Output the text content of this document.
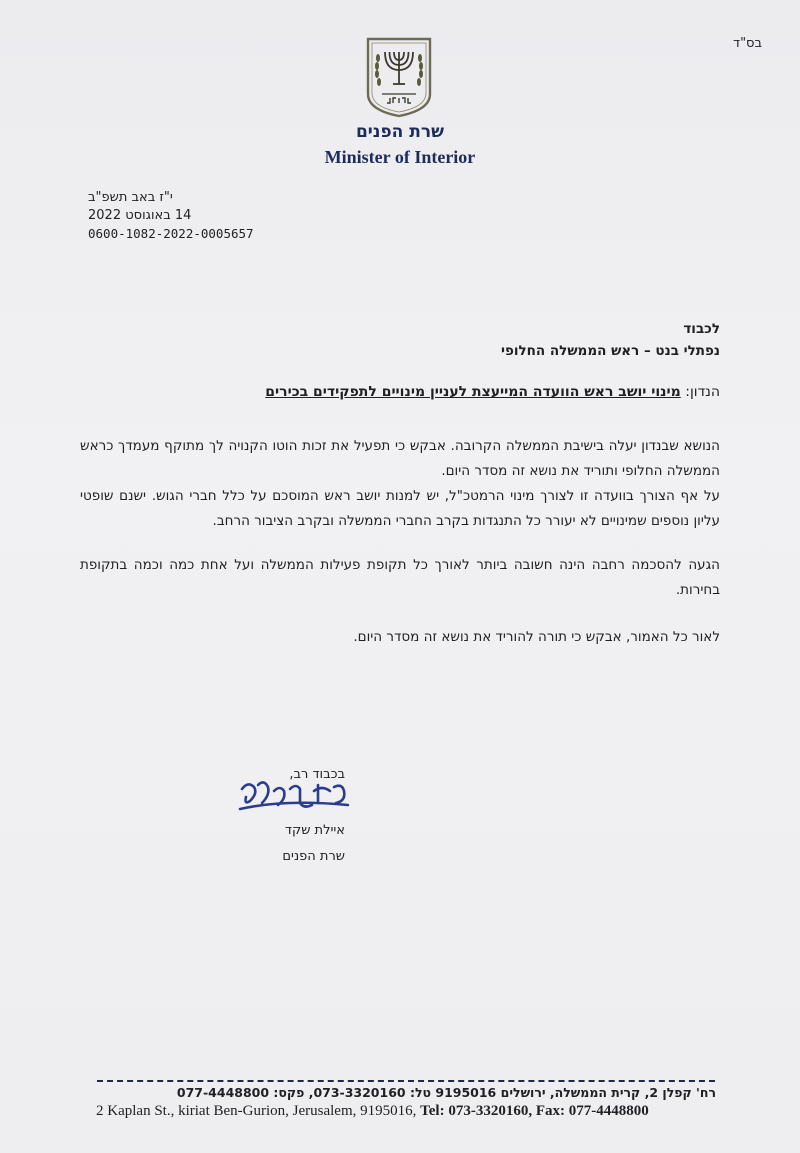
בס"ד
שרת הפנים
Minister of Interior
י"ז באב תשפ"ב
14 באוגוסט 2022
0600-1082-2022-0005657
לכבוד
נפתלי בנט – ראש הממשלה החלופי
הנדון: מינוי יושב ראש הוועדה המייעצת לעניין מינויים לתפקידים בכירים
הנושא שבנדון יעלה בישיבת הממשלה הקרובה. אבקש כי תפעיל את זכות הוטו הקנויה לך מתוקף מעמדך כראש הממשלה החלופי ותוריד את נושא זה מסדר היום.
על אף הצורך בוועדה זו לצורך מינוי הרמטכ"ל, יש למנות יושב ראש המוסכם על כלל חברי הגוש. ישנם שופטי עליון נוספים שמינויים לא יעורר כל התנגדות בקרב החברי הממשלה ובקרב הציבור הרחב.
הגעה להסכמה רחבה הינה חשובה ביותר לאורך כל תקופת פעילות הממשלה ועל אחת כמה וכמה בתקופת בחירות.
לאור כל האמור, אבקש כי תורה להוריד את נושא זה מסדר היום.
בכבוד רב,
איילת שקד
שרת הפנים
רח' קפלן 2, קרית הממשלה, ירושלים 9195016 טל: 073-3320160, פקס: 077-4448800
2 Kaplan St., kiriat Ben-Gurion, Jerusalem, 9195016, Tel: 073-3320160, Fax: 077-4448800
